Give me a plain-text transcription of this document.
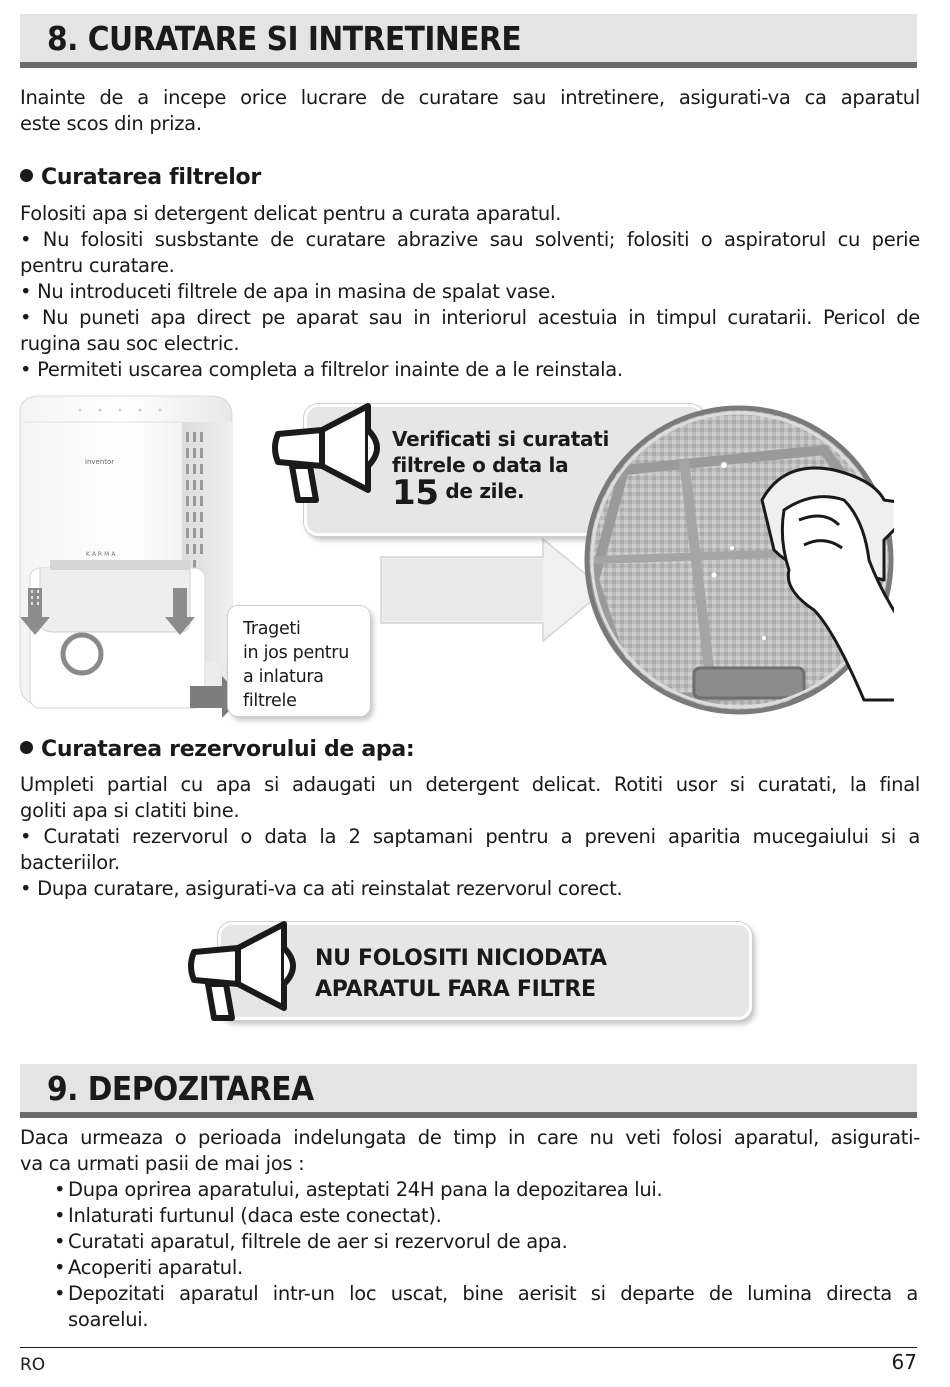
8. CURATARE SI INTRETINERE
Inainte de a incepe orice lucrare de curatare sau intretinere, asigurati-va ca aparatul
este scos din priza.
Curatarea filtrelor
Folositi apa si detergent delicat pentru a curata aparatul.
• Nu folositi susbstante de curatare abrazive sau solventi; folositi o aspiratorul cu perie
pentru curatare.
• Nu introduceti filtrele de apa in masina de spalat vase.
• Nu puneti apa direct pe aparat sau in interiorul acestuia in timpul curatarii. Pericol de
rugina sau soc electric.
• Permiteti uscarea completa a filtrelor inainte de a le reinstala.
inventor
KARMA
Trageti
in jos pentru
a inlatura
filtrele
Verificati si curatati
filtrele o data la
15 de zile.
Curatarea rezervorului de apa:
Umpleti partial cu apa si adaugati un detergent delicat. Rotiti usor si curatati, la final
goliti apa si clatiti bine.
• Curatati rezervorul o data la 2 saptamani pentru a preveni aparitia mucegaiului si a
bacteriilor.
• Dupa curatare, asigurati-va ca ati reinstalat rezervorul corect.
NU FOLOSITI NICIODATA
APARATUL FARA FILTRE
9. DEPOZITAREA
Daca urmeaza o perioada indelungata de timp in care nu veti folosi aparatul, asigurati-
va ca urmati pasii de mai jos :
• Dupa oprirea aparatului, asteptati 24H pana la depozitarea lui.
• Inlaturati furtunul (daca este conectat).
• Curatati aparatul, filtrele de aer si rezervorul de apa.
• Acoperiti aparatul.
• Depozitati aparatul intr-un loc uscat, bine aerisit si departe de lumina directa a
soarelui.
RO	67
